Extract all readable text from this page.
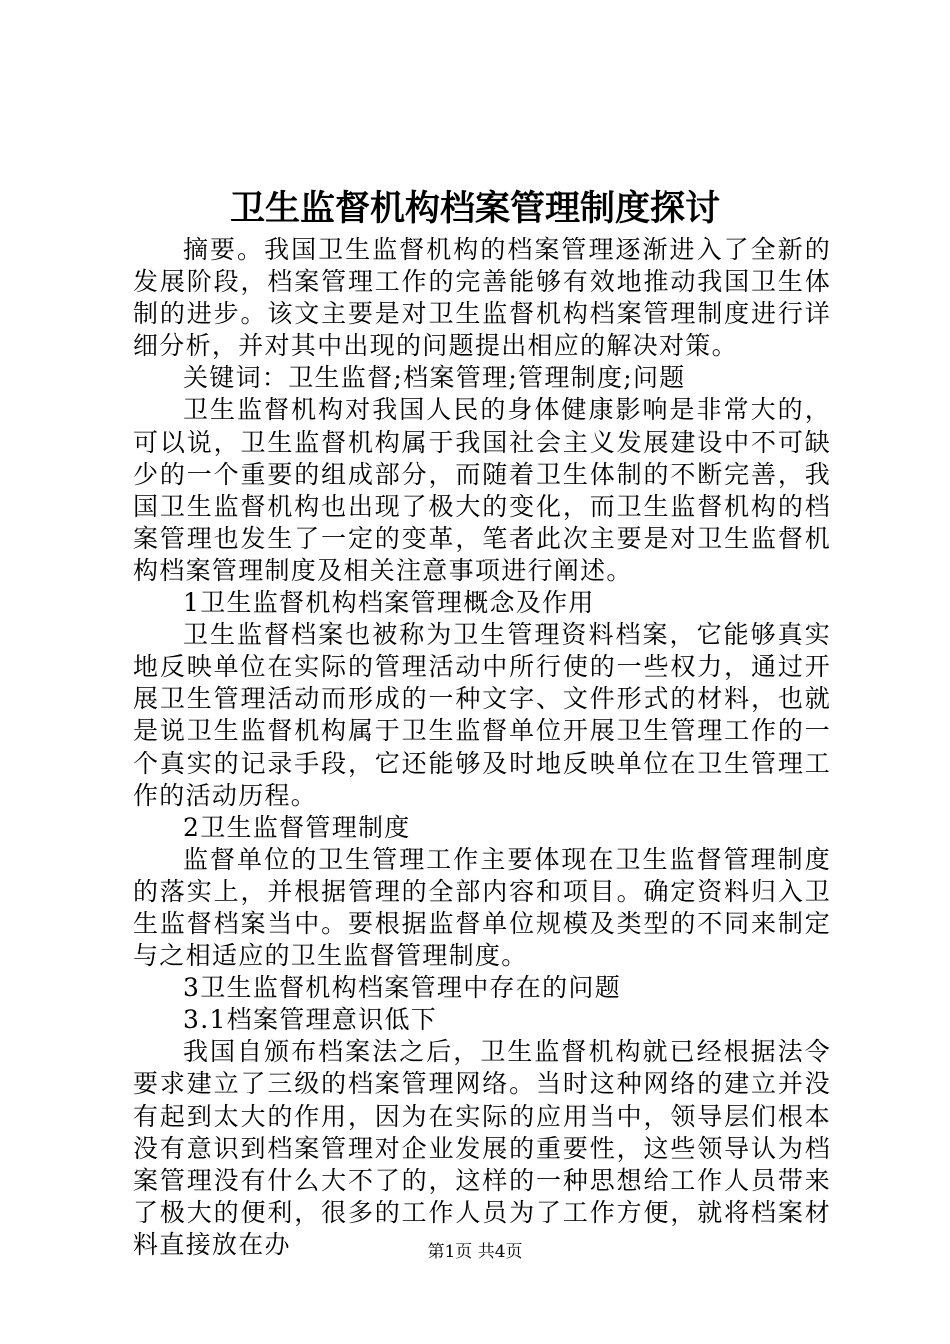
卫生监督机构档案管理制度探讨

摘要。我国卫生监督机构的档案管理逐渐进入了全新的发展阶段，档案管理工作的完善能够有效地推动我国卫生体制的进步。该文主要是对卫生监督机构档案管理制度进行详细分析，并对其中出现的问题提出相应的解决对策。

关键词：卫生监督;档案管理;管理制度;问题

卫生监督机构对我国人民的身体健康影响是非常大的，可以说，卫生监督机构属于我国社会主义发展建设中不可缺少的一个重要的组成部分，而随着卫生体制的不断完善，我国卫生监督机构也出现了极大的变化，而卫生监督机构的档案管理也发生了一定的变革，笔者此次主要是对卫生监督机构档案管理制度及相关注意事项进行阐述。

1卫生监督机构档案管理概念及作用

卫生监督档案也被称为卫生管理资料档案，它能够真实地反映单位在实际的管理活动中所行使的一些权力，通过开展卫生管理活动而形成的一种文字、文件形式的材料，也就是说卫生监督机构属于卫生监督单位开展卫生管理工作的一个真实的记录手段，它还能够及时地反映单位在卫生管理工作的活动历程。

2卫生监督管理制度

监督单位的卫生管理工作主要体现在卫生监督管理制度的落实上，并根据管理的全部内容和项目。确定资料归入卫生监督档案当中。要根据监督单位规模及类型的不同来制定与之相适应的卫生监督管理制度。

3卫生监督机构档案管理中存在的问题

3.1档案管理意识低下

我国自颁布档案法之后，卫生监督机构就已经根据法令要求建立了三级的档案管理网络。当时这种网络的建立并没有起到太大的作用，因为在实际的应用当中，领导层们根本没有意识到档案管理对企业发展的重要性，这些领导认为档案管理没有什么大不了的，这样的一种思想给工作人员带来了极大的便利，很多的工作人员为了工作方便，就将档案材料直接放在办	第1页 共4页
